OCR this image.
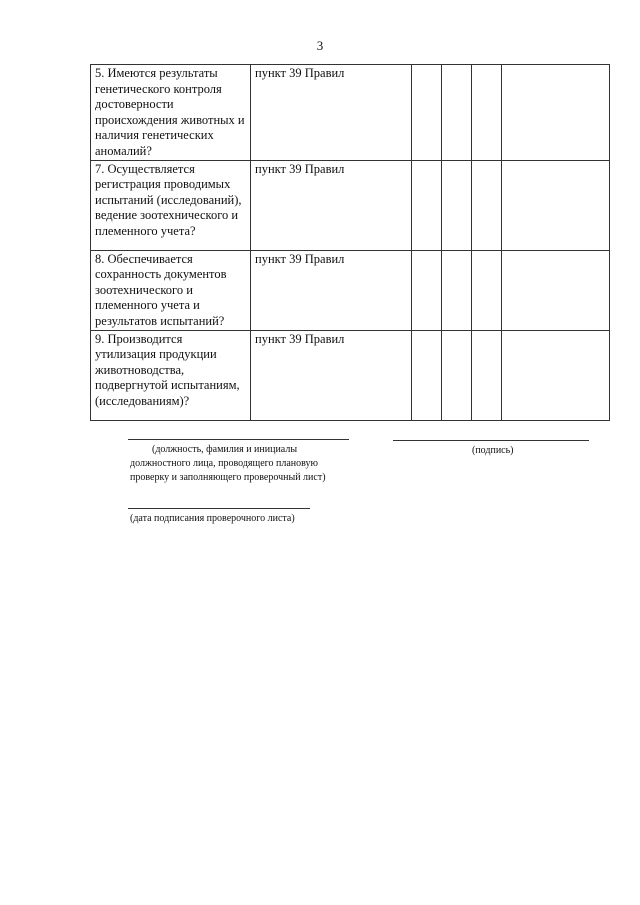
3
5. Имеются результаты генетического контроля достоверности происхождения животных и наличия генетических аномалий?	пункт 39 Правил				
7. Осуществляется регистрация проводимых испытаний (исследований), ведение зоотехнического и племенного учета?	пункт 39 Правил				
8. Обеспечивается сохранность документов зоотехнического и племенного учета и результатов испытаний?	пункт 39 Правил				
9. Производится утилизация продукции животноводства, подвергнутой испытаниям, (исследованиям)?	пункт 39 Правил				
(должность, фамилия и инициалы
должностного лица, проводящего плановую
проверку и заполняющего проверочный лист)
(подпись)
(дата подписания проверочного листа)
